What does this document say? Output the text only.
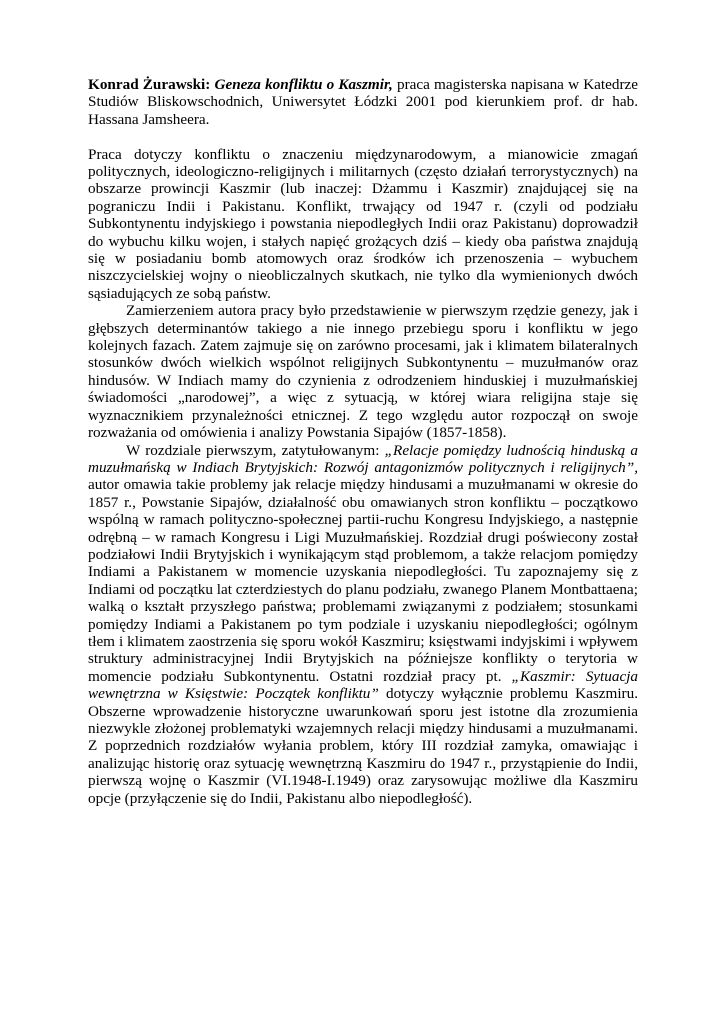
Konrad Żurawski: Geneza konfliktu o Kaszmir, praca magisterska napisana w Katedrze Studiów Bliskowschodnich, Uniwersytet Łódzki 2001 pod kierunkiem prof. dr hab. Hassana Jamsheera.

Praca dotyczy konfliktu o znaczeniu międzynarodowym, a mianowicie zmagań politycznych, ideologiczno-religijnych i militarnych (często działań terrorystycznych) na obszarze prowincji Kaszmir (lub inaczej: Dżammu i Kaszmir) znajdującej się na pograniczu Indii i Pakistanu. Konflikt, trwający od 1947 r. (czyli od podziału Subkontynentu indyjskiego i powstania niepodległych Indii oraz Pakistanu) doprowadził do wybuchu kilku wojen, i stałych napięć grożących dziś – kiedy oba państwa znajdują się w posiadaniu bomb atomowych oraz środków ich przenoszenia – wybuchem niszczycielskiej wojny o nieobliczalnych skutkach, nie tylko dla wymienionych dwóch sąsiadujących ze sobą państw.

Zamierzeniem autora pracy było przedstawienie w pierwszym rzędzie genezy, jak i głębszych determinantów takiego a nie innego przebiegu sporu i konfliktu w jego kolejnych fazach. Zatem zajmuje się on zarówno procesami, jak i klimatem bilateralnych stosunków dwóch wielkich wspólnot religijnych Subkontynentu – muzułmanów oraz hindusów. W Indiach mamy do czynienia z odrodzeniem hinduskiej i muzułmańskiej świadomości „narodowej”, a więc z sytuacją, w której wiara religijna staje się wyznacznikiem przynależności etnicznej. Z tego względu autor rozpoczął on swoje rozważania od omówienia i analizy Powstania Sipajów (1857-1858).

W rozdziale pierwszym, zatytułowanym: „Relacje pomiędzy ludnością hinduską a muzułmańską w Indiach Brytyjskich: Rozwój antagonizmów politycznych i religijnych”, autor omawia takie problemy jak relacje między hindusami a muzułmanami w okresie do 1857 r., Powstanie Sipajów, działalność obu omawianych stron konfliktu – początkowo wspólną w ramach polityczno-społecznej partii-ruchu Kongresu Indyjskiego, a następnie odrębną – w ramach Kongresu i Ligi Muzułmańskiej. Rozdział drugi poświecony został podziałowi Indii Brytyjskich i wynikającym stąd problemom, a także relacjom pomiędzy Indiami a Pakistanem w momencie uzyskania niepodległości. Tu zapoznajemy się z Indiami od początku lat czterdziestych do planu podziału, zwanego Planem Montbattaena; walką o kształt przyszłego państwa; problemami związanymi z podziałem; stosunkami pomiędzy Indiami a Pakistanem po tym podziale i uzyskaniu niepodległości; ogólnym tłem i klimatem zaostrzenia się sporu wokół Kaszmiru; księstwami indyjskimi i wpływem struktury administracyjnej Indii Brytyjskich na późniejsze konflikty o terytoria w momencie podziału Subkontynentu. Ostatni rozdział pracy pt. „Kaszmir: Sytuacja wewnętrzna w Księstwie: Początek konfliktu” dotyczy wyłącznie problemu Kaszmiru. Obszerne wprowadzenie historyczne uwarunkowań sporu jest istotne dla zrozumienia niezwykle złożonej problematyki wzajemnych relacji między hindusami a muzułmanami. Z poprzednich rozdziałów wyłania problem, który III rozdział zamyka, omawiając i analizując historię oraz sytuację wewnętrzną Kaszmiru do 1947 r., przystąpienie do Indii, pierwszą wojnę o Kaszmir (VI.1948-I.1949) oraz zarysowując możliwe dla Kaszmiru opcje (przyłączenie się do Indii, Pakistanu albo niepodległość).
